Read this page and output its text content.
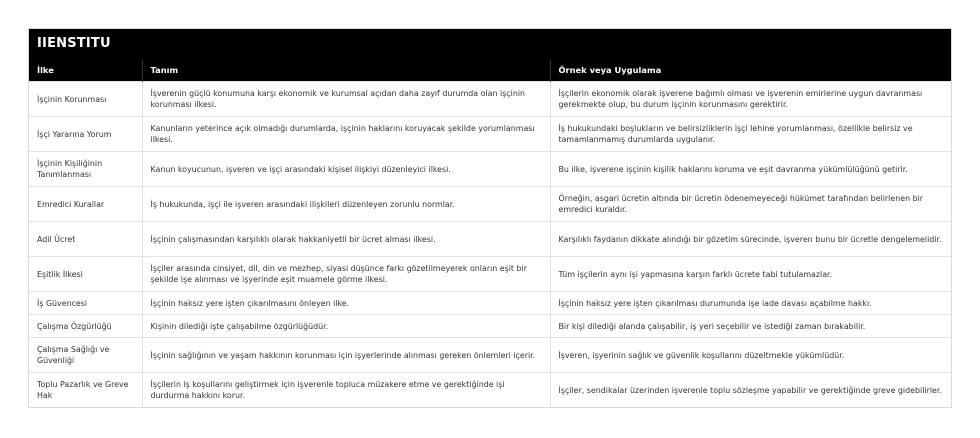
IIENSTITU
İlke	Tanım	Örnek veya Uygulama
İşçinin Korunması	İşverenin güçlü konumuna karşı ekonomik ve kurumsal açıdan daha zayıf durumda olan işçinin korunması ilkesi.	İşçilerin ekonomik olarak işverene bağımlı olması ve işverenin emirlerine uygun davranması gerekmekte olup, bu durum işçinin korunmasını gerektirir.
İşçi Yararına Yorum	Kanunların yeterince açık olmadığı durumlarda, işçinin haklarını koruyacak şekilde yorumlanması ilkesi.	İş hukukundaki boşlukların ve belirsizliklerin işçi lehine yorumlanması, özellikle belirsiz ve tamamlanmamış durumlarda uygulanır.
İşçinin Kişiliğinin Tanımlanması	Kanun koyucunun, işveren ve işçi arasındaki kişisel ilişkiyi düzenleyici ilkesi.	Bu ilke, işverene işçinin kişilik haklarını koruma ve eşit davranma yükümlülüğünü getirir.
Emredici Kurallar	İş hukukunda, işçi ile işveren arasındaki ilişkileri düzenleyen zorunlu normlar.	Örneğin, asgari ücretin altında bir ücretin ödenemeyeceği hükümet tarafından belirlenen bir emredici kuraldır.
Adil Ücret	İşçinin çalışmasından karşılıklı olarak hakkaniyetli bir ücret alması ilkesi.	Karşılıklı faydanın dikkate alındığı bir gözetim sürecinde, işveren bunu bir ücretle dengelemelidir.
Eşitlik İlkesi	İşçiler arasında cinsiyet, dil, din ve mezhep, siyasi düşünce farkı gözetilmeyerek onların eşit bir şekilde işe alınması ve işyerinde eşit muamele görme ilkesi.	Tüm işçilerin aynı işi yapmasına karşın farklı ücrete tabi tutulamazlar.
İş Güvencesi	İşçinin haksız yere işten çıkarılmasını önleyen ilke.	İşçinin haksız yere işten çıkarılması durumunda işe iade davası açabilme hakkı.
Çalışma Özgürlüğü	Kişinin dilediği işte çalışabilme özgürlüğüdür.	Bir kişi dilediği alanda çalışabilir, iş yeri seçebilir ve istediği zaman bırakabilir.
Çalışma Sağlığı ve Güvenliği	İşçinin sağlığının ve yaşam hakkının korunması için işyerlerinde alınması gereken önlemleri içerir.	İşveren, işyerinin sağlık ve güvenlik koşullarını düzeltmekle yükümlüdür.
Toplu Pazarlık ve Greve Hak	İşçilerin iş koşullarını geliştirmek için işverenle topluca müzakere etme ve gerektiğinde işi durdurma hakkını korur.	İşçiler, sendikalar üzerinden işverenle toplu sözleşme yapabilir ve gerektiğinde greve gidebilirler.
